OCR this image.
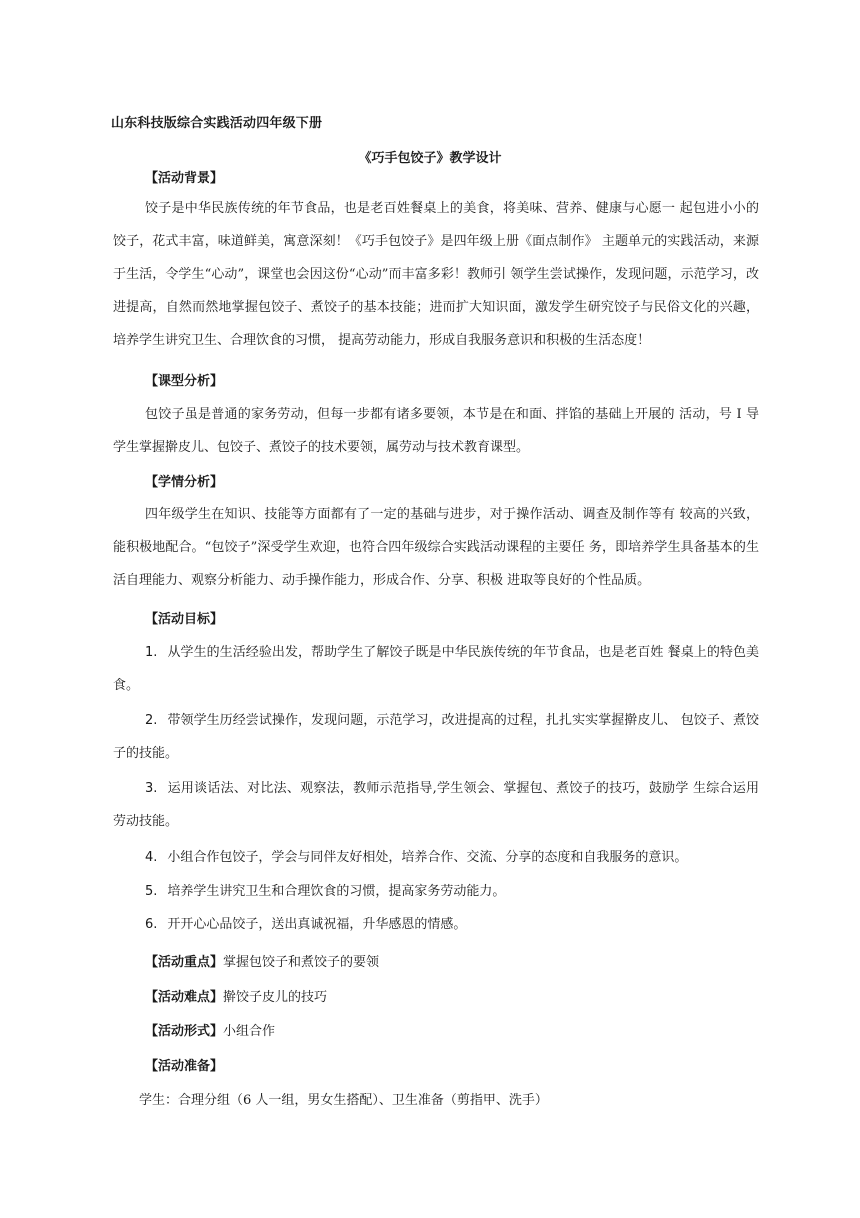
山东科技版综合实践活动四年级下册
《巧手包饺子》教学设计
【活动背景】
饺子是中华民族传统的年节食品，也是老百姓餐桌上的美食，将美味、营养、健康与心愿一 起包进小小的饺子，花式丰富，味道鲜美，寓意深刻！《巧手包饺子》是四年级上册《面点制作》 主题单元的实践活动，来源于生活，令学生“心动”，课堂也会因这份“心动”而丰富多彩！教师引 领学生尝试操作，发现问题，示范学习，改进提高，自然而然地掌握包饺子、煮饺子的基本技能；进而扩大知识面，激发学生研究饺子与民俗文化的兴趣，培养学生讲究卫生、合理饮食的习惯， 提高劳动能力，形成自我服务意识和积极的生活态度！
【课型分析】
包饺子虽是普通的家务劳动，但每一步都有诸多要领，本节是在和面、拌馅的基础上开展的 活动，号 I 导学生掌握擀皮儿、包饺子、煮饺子的技术要领，属劳动与技术教育课型。
【学情分析】
四年级学生在知识、技能等方面都有了一定的基础与进步，对于操作活动、调查及制作等有 较高的兴致，能积极地配合。“包饺子”深受学生欢迎，也符合四年级综合实践活动课程的主要任 务，即培养学生具备基本的生活自理能力、观察分析能力、动手操作能力，形成合作、分享、积极 进取等良好的个性品质。
【活动目标】
1. 从学生的生活经验出发，帮助学生了解饺子既是中华民族传统的年节食品，也是老百姓 餐桌上的特色美食。
2. 带领学生历经尝试操作，发现问题，示范学习，改进提高的过程，扎扎实实掌握擀皮儿、 包饺子、煮饺子的技能。
3. 运用谈话法、对比法、观察法，教师示范指导,学生领会、掌握包、煮饺子的技巧，鼓励学 生综合运用劳动技能。
4. 小组合作包饺子，学会与同伴友好相处，培养合作、交流、分享的态度和自我服务的意识。
5. 培养学生讲究卫生和合理饮食的习惯，提高家务劳动能力。
6. 开开心心品饺子，送出真诚祝福，升华感恩的情感。
【活动重点】掌握包饺子和煮饺子的要领
【活动难点】擀饺子皮儿的技巧
【活动形式】小组合作
【活动准备】
学生：合理分组（6 人一组，男女生搭配）、卫生准备（剪指甲、洗手）
